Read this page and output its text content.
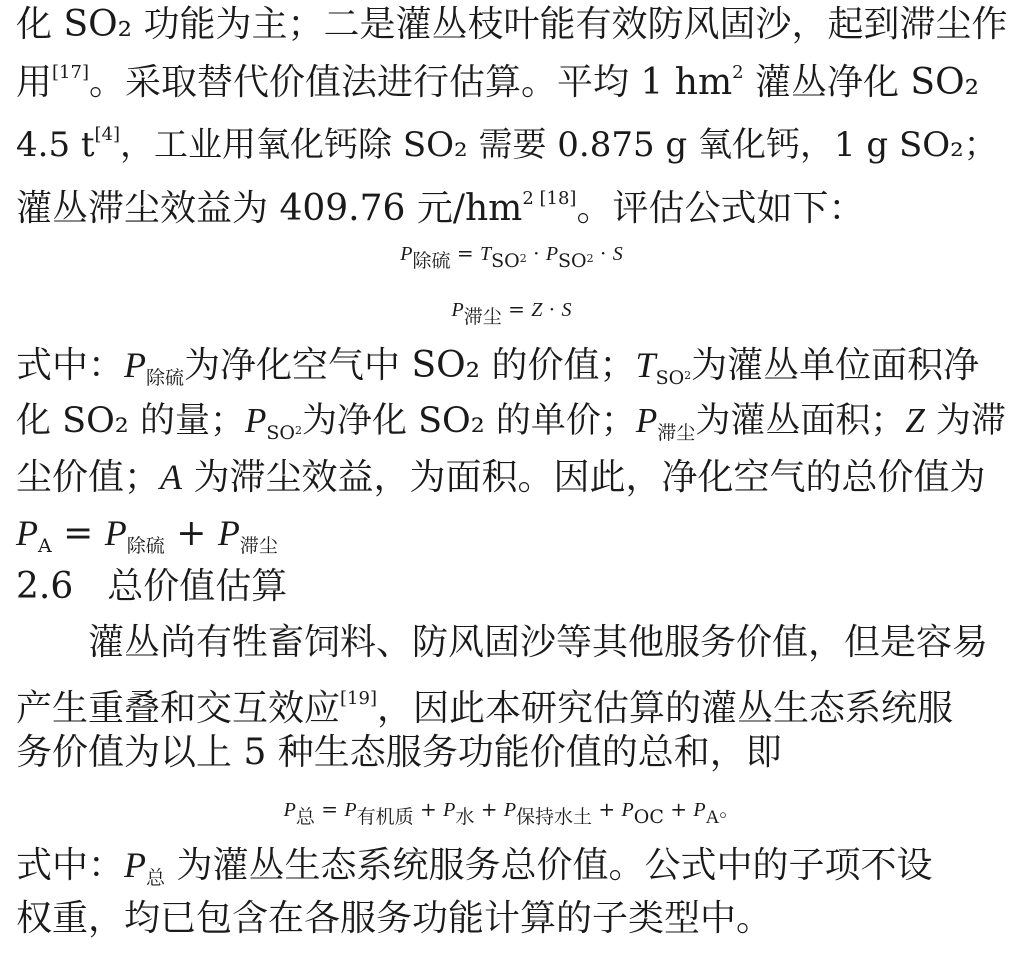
化 SO₂ 功能为主；二是灌丛枝叶能有效防风固沙，起到滞尘作
用[17]。采取替代价值法进行估算。平均 1 $hm^2$ 灌丛净化 SO₂
4.5 t[4]，工业用氧化钙除 SO₂ 需要 0.875 g 氧化钙，1 g SO₂；
灌丛滞尘效益为 409.76 元$/hm^{2 [18]}$。评估公式如下：
P除硫 = TSO2 · PSO2 · S
P滞尘 = Z · S
式中：$P_{除硫}$为净化空气中 SO₂ 的价值；$T_{SO}2$为灌丛单位面积净
化 SO₂ 的量；$P_{SO}2$为净化 SO₂ 的单价；$P_{滞尘}$为灌丛面积；Z 为滞
尘价值；A 为滞尘效益，为面积。因此，净化空气的总价值为
$P_A = P_{除硫} + P_{滞尘}$
2.6 总价值估算
灌丛尚有牲畜饲料、防风固沙等其他服务价值，但是容易
产生重叠和交互效应[19]，因此本研究估算的灌丛生态系统服
务价值为以上 5 种生态服务功能价值的总和，即
P总 = P有机质 + P水 + P保持水土 + POC + PA。
式中：$P_总$ 为灌丛生态系统服务总价值。公式中的子项不设
权重，均已包含在各服务功能计算的子类型中。
